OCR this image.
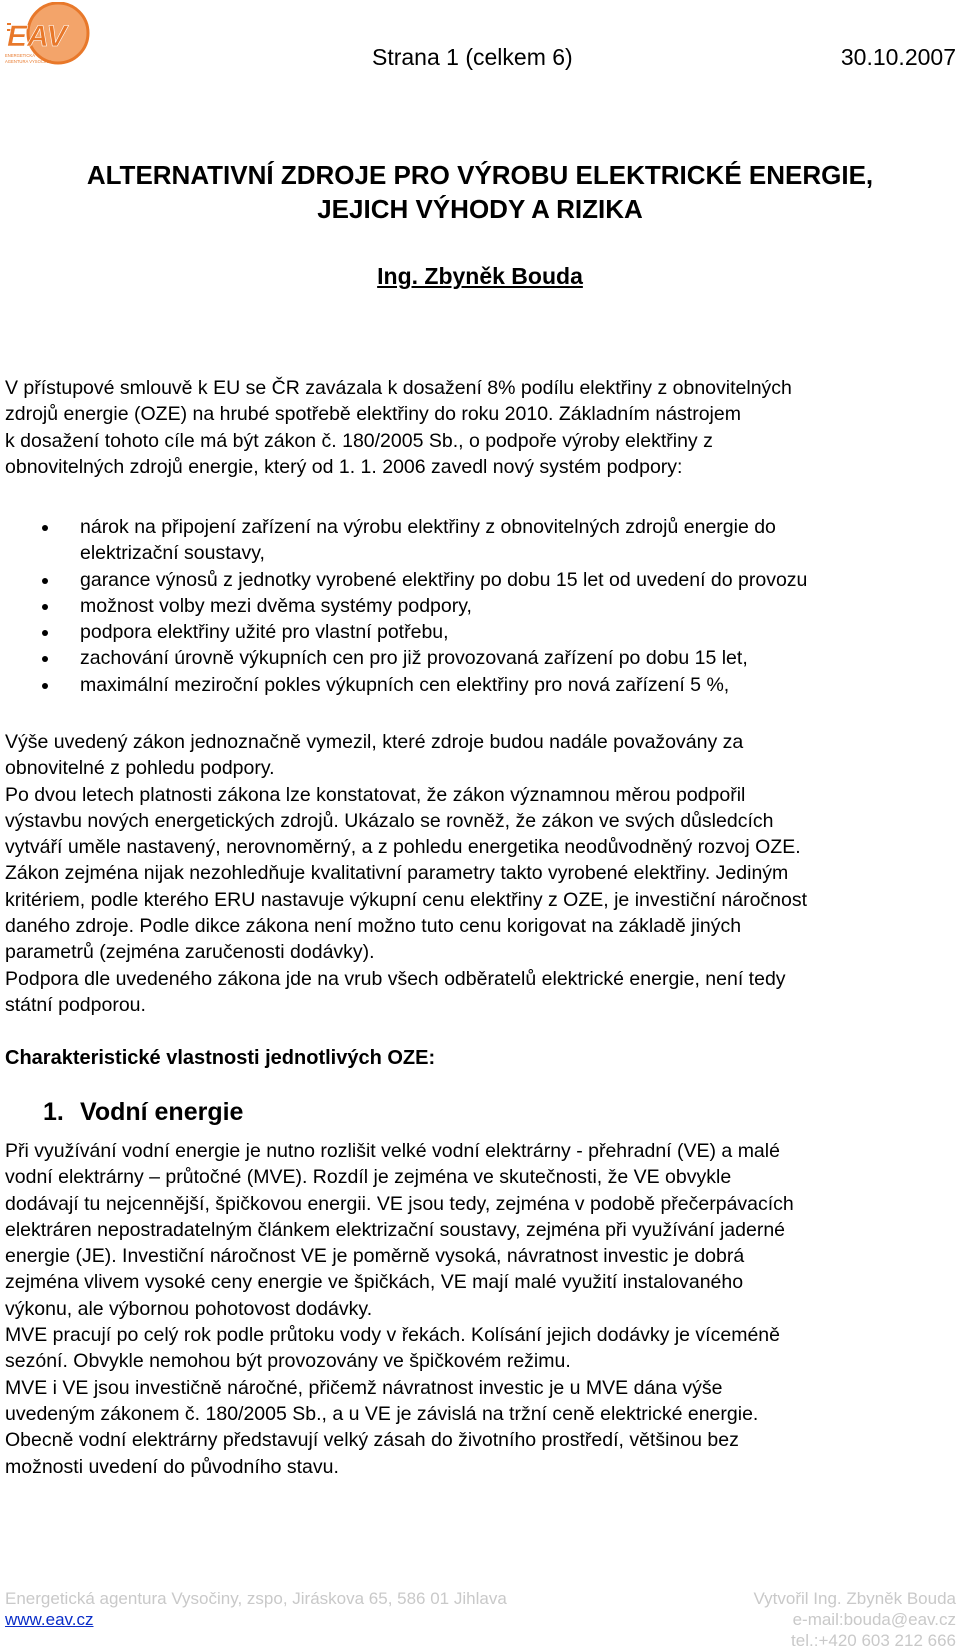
EAV
ENERGETICKÁ
AGENTURA VYSOČINY	Strana 1 (celkem 6)	30.10.2007
ALTERNATIVNÍ ZDROJE PRO VÝROBU ELEKTRICKÉ ENERGIE,
JEJICH VÝHODY A RIZIKA
Ing. Zbyněk Bouda

V přístupové smlouvě k EU se ČR zavázala k dosažení 8% podílu elektřiny z obnovitelných

zdrojů energie (OZE) na hrubé spotřebě elektřiny do roku 2010. Základním nástrojem

k dosažení tohoto cíle má být zákon č. 180/2005 Sb., o podpoře výroby elektřiny z

obnovitelných zdrojů energie, který od 1. 1. 2006 zavedl nový systém podpory:

nárok na připojení zařízení na výrobu elektřiny z obnovitelných zdrojů energie do
elektrizační soustavy,
garance výnosů z jednotky vyrobené elektřiny po dobu 15 let od uvedení do provozu
možnost volby mezi dvěma systémy podpory,
podpora elektřiny užité pro vlastní potřebu,
zachování úrovně výkupních cen pro již provozovaná zařízení po dobu 15 let,
maximální meziroční pokles výkupních cen elektřiny pro nová zařízení 5 %,

Výše uvedený zákon jednoznačně vymezil, které zdroje budou nadále považovány za

obnovitelné z pohledu podpory.

Po dvou letech platnosti zákona lze konstatovat, že zákon významnou měrou podpořil

výstavbu nových energetických zdrojů. Ukázalo se rovněž, že zákon ve svých důsledcích

vytváří uměle nastavený, nerovnoměrný, a z pohledu energetika neodůvodněný rozvoj OZE.

Zákon zejména nijak nezohledňuje kvalitativní parametry takto vyrobené elektřiny. Jediným

kritériem, podle kterého ERU nastavuje výkupní cenu elektřiny z OZE, je investiční náročnost

daného zdroje. Podle dikce zákona není možno tuto cenu korigovat na základě jiných

parametrů (zejména zaručenosti dodávky).

Podpora dle uvedeného zákona jde na vrub všech odběratelů elektrické energie, není tedy

státní podporou.

Charakteristické vlastnosti jednotlivých OZE:
1. Vodní energie

Při využívání vodní energie je nutno rozlišit velké vodní elektrárny - přehradní (VE) a malé

vodní elektrárny – průtočné (MVE). Rozdíl je zejména ve skutečnosti, že VE obvykle

dodávají tu nejcennější, špičkovou energii. VE jsou tedy, zejména v podobě přečerpávacích

elektráren nepostradatelným článkem elektrizační soustavy, zejména při využívání jaderné

energie (JE). Investiční náročnost VE je poměrně vysoká, návratnost investic je dobrá

zejména vlivem vysoké ceny energie ve špičkách, VE mají malé využití instalovaného

výkonu, ale výbornou pohotovost dodávky.

MVE pracují po celý rok podle průtoku vody v řekách. Kolísání jejich dodávky je víceméně

sezóní. Obvykle nemohou být provozovány ve špičkovém režimu.

MVE i VE jsou investičně náročné, přičemž návratnost investic je u MVE dána výše

uvedeným zákonem č. 180/2005 Sb., a u VE je závislá na tržní ceně elektrické energie.

Obecně vodní elektrárny představují velký zásah do životního prostředí, většinou bez

možnosti uvedení do původního stavu.

Energetická agentura Vysočiny, zspo, Jiráskova 65, 586 01 Jihlava
www.eav.cz
Vytvořil Ing. Zbyněk Bouda
e-mail:bouda@eav.cz
tel.:+420 603 212 666
